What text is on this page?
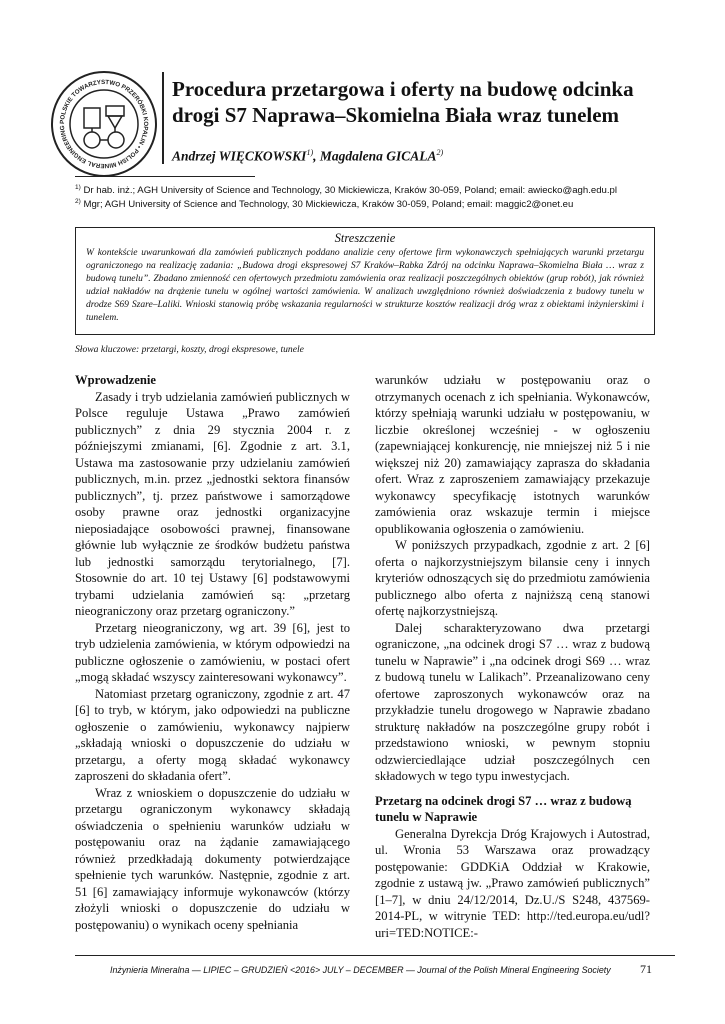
POLSKIE TOWARZYSTWO PRZERÓBKI KOPALIN • POLISH MINERAL ENGINEERING
Procedura przetargowa i oferty na budowę odcinka drogi S7 Naprawa–Skomielna Biała wraz tunelem

Andrzej WIĘCKOWSKI$^{1)}$, Magdalena GICALA$^{2)}$

$^{1)}$ Dr hab. inż.; AGH University of Science and Technology, 30 Mickiewicza, Kraków 30-059, Poland; email: awiecko@agh.edu.pl

$^{2)}$ Mgr; AGH University of Science and Technology, 30 Mickiewicza, Kraków 30-059, Poland; email: maggic2@onet.eu

Streszczenie

W kontekście uwarunkowań dla zamówień publicznych poddano analizie ceny ofertowe firm wykonawczych spełniających warunki przetargu ograniczonego na realizację zadania: „Budowa drogi ekspresowej S7 Kraków–Rabka Zdrój na odcinku Naprawa–Skomielna Biała … wraz z budową tunelu”. Zbadano zmienność cen ofertowych przedmiotu zamówienia oraz realizacji poszczególnych obiektów (grup robót), jak również udział nakładów na drążenie tunelu w ogólnej wartości zamówienia. W analizach uwzględniono również doświadczenia z budowy tunelu w drodze S69 Szare–Laliki. Wnioski stanowią próbę wskazania regularności w strukturze kosztów realizacji dróg wraz z obiektami inżynierskimi i tunelem.

Słowa kluczowe: przetargi, koszty, drogi ekspresowe, tunele

Wprowadzenie

Zasady i tryb udzielania zamówień publicznych w Polsce reguluje Ustawa „Prawo zamówień publicznych” z dnia 29 stycznia 2004 r. z późniejszymi zmianami, [6]. Zgodnie z art. 3.1, Ustawa ma zastosowanie przy udzielaniu zamówień publicznych, m.in. przez „jednostki sektora finansów publicznych”, tj. przez państwowe i samorządowe osoby prawne oraz jednostki organizacyjne nieposiadające osobowości prawnej, finansowane głównie lub wyłącznie ze środków budżetu państwa lub jednostki samorządu terytorialnego, [7]. Stosownie do art. 10 tej Ustawy [6] podstawowymi trybami udzielania zamówień są: „przetarg nieograniczony oraz przetarg ograniczony.”

Przetarg nieograniczony, wg art. 39 [6], jest to tryb udzielenia zamówienia, w którym odpowiedzi na publiczne ogłoszenie o zamówieniu, w postaci ofert „mogą składać wszyscy zainteresowani wykonawcy”.

Natomiast przetarg ograniczony, zgodnie z art. 47 [6] to tryb, w którym, jako odpowiedzi na publiczne ogłoszenie o zamówieniu, wykonawcy najpierw „składają wnioski o dopuszczenie do udziału w przetargu, a oferty mogą składać wykonawcy zaproszeni do składania ofert”.

Wraz z wnioskiem o dopuszczenie do udziału w przetargu ograniczonym wykonawcy składają oświadczenia o spełnieniu warunków udziału w postępowaniu oraz na żądanie zamawiającego również przedkładają dokumenty potwierdzające spełnienie tych warunków. Następnie, zgodnie z art. 51 [6] zamawiający informuje wykonawców (którzy złożyli wnioski o dopuszczenie do udziału w postępowaniu) o wynikach oceny spełniania

warunków udziału w postępowaniu oraz o otrzymanych ocenach z ich spełniania. Wykonawców, którzy spełniają warunki udziału w postępowaniu, w liczbie określonej wcześniej - w ogłoszeniu (zapewniającej konkurencję, nie mniejszej niż 5 i nie większej niż 20) zamawiający zaprasza do składania ofert. Wraz z zaproszeniem zamawiający przekazuje wykonawcy specyfikację istotnych warunków zamówienia oraz wskazuje termin i miejsce opublikowania ogłoszenia o zamówieniu.

W poniższych przypadkach, zgodnie z art. 2 [6] oferta o najkorzystniejszym bilansie ceny i innych kryteriów odnoszących się do przedmiotu zamówienia publicznego albo oferta z najniższą ceną stanowi ofertę najkorzystniejszą.

Dalej scharakteryzowano dwa przetargi ograniczone, „na odcinek drogi S7 … wraz z budową tunelu w Naprawie” i „na odcinek drogi S69 … wraz z budową tunelu w Lalikach”. Przeanalizowano ceny ofertowe zaproszonych wykonawców oraz na przykładzie tunelu drogowego w Naprawie zbadano strukturę nakładów na poszczególne grupy robót i przedstawiono wnioski, w pewnym stopniu odzwierciedlające udział poszczególnych cen składowych w tego typu inwestycjach.

Przetarg na odcinek drogi S7 … wraz z budową tunelu w Naprawie

Generalna Dyrekcja Dróg Krajowych i Autostrad, ul. Wronia 53 Warszawa oraz prowadzący postępowanie: GDDKiA Oddział w Krakowie, zgodnie z ustawą jw. „Prawo zamówień publicznych” [1–7], w dniu 24/12/2014, Dz.U./S S248, 437569-2014-PL, w witrynie TED: http://ted.europa.eu/udl?uri=TED:NOTICE:-

Inżynieria Mineralna — LIPIEC – GRUDZIEŃ <2016> JULY – DECEMBER — Journal of the Polish Mineral Engineering Society 71
